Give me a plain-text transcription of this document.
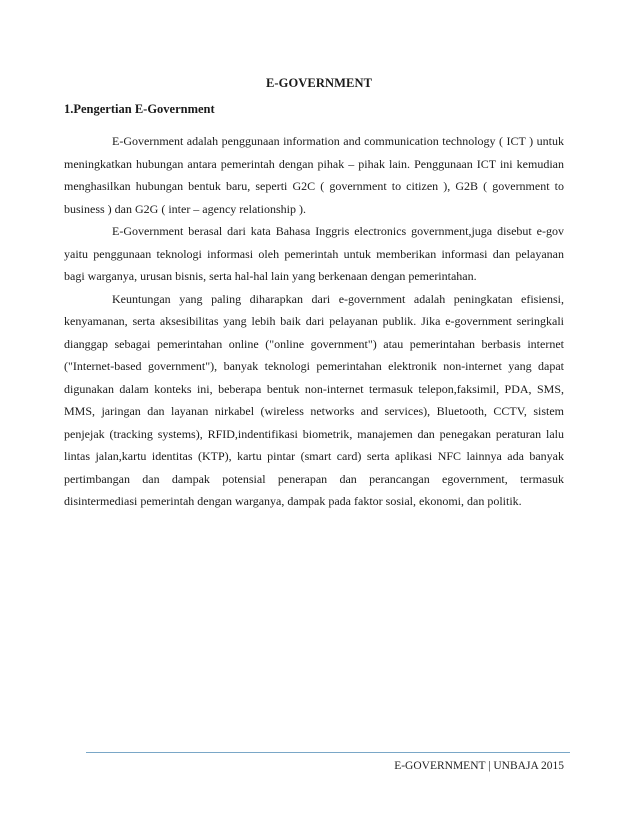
E-GOVERNMENT
1.Pengertian E-Government

E-Government adalah penggunaan information and communication technology ( ICT ) untuk meningkatkan hubungan antara pemerintah dengan pihak – pihak lain. Penggunaan ICT ini kemudian menghasilkan hubungan bentuk baru, seperti G2C ( government to citizen ), G2B ( government to business ) dan G2G ( inter – agency relationship ).

E-Government berasal dari kata Bahasa Inggris electronics government,juga disebut e-gov yaitu penggunaan teknologi informasi oleh pemerintah untuk memberikan informasi dan pelayanan bagi warganya, urusan bisnis, serta hal-hal lain yang berkenaan dengan pemerintahan.

Keuntungan yang paling diharapkan dari e-government adalah peningkatan efisiensi, kenyamanan, serta aksesibilitas yang lebih baik dari pelayanan publik. Jika e-government seringkali dianggap sebagai pemerintahan online ("online government") atau pemerintahan berbasis internet ("Internet-based government"), banyak teknologi pemerintahan elektronik non-internet yang dapat digunakan dalam konteks ini, beberapa bentuk non-internet termasuk telepon,faksimil, PDA, SMS, MMS, jaringan dan layanan nirkabel (wireless networks and services), Bluetooth, CCTV, sistem penjejak (tracking systems), RFID,indentifikasi biometrik, manajemen dan penegakan peraturan lalu lintas jalan,kartu identitas (KTP), kartu pintar (smart card) serta aplikasi NFC lainnya ada banyak pertimbangan dan dampak potensial penerapan dan perancangan egovernment, termasuk disintermediasi pemerintah dengan warganya, dampak pada faktor sosial, ekonomi, dan politik.

E-GOVERNMENT | UNBAJA 2015
